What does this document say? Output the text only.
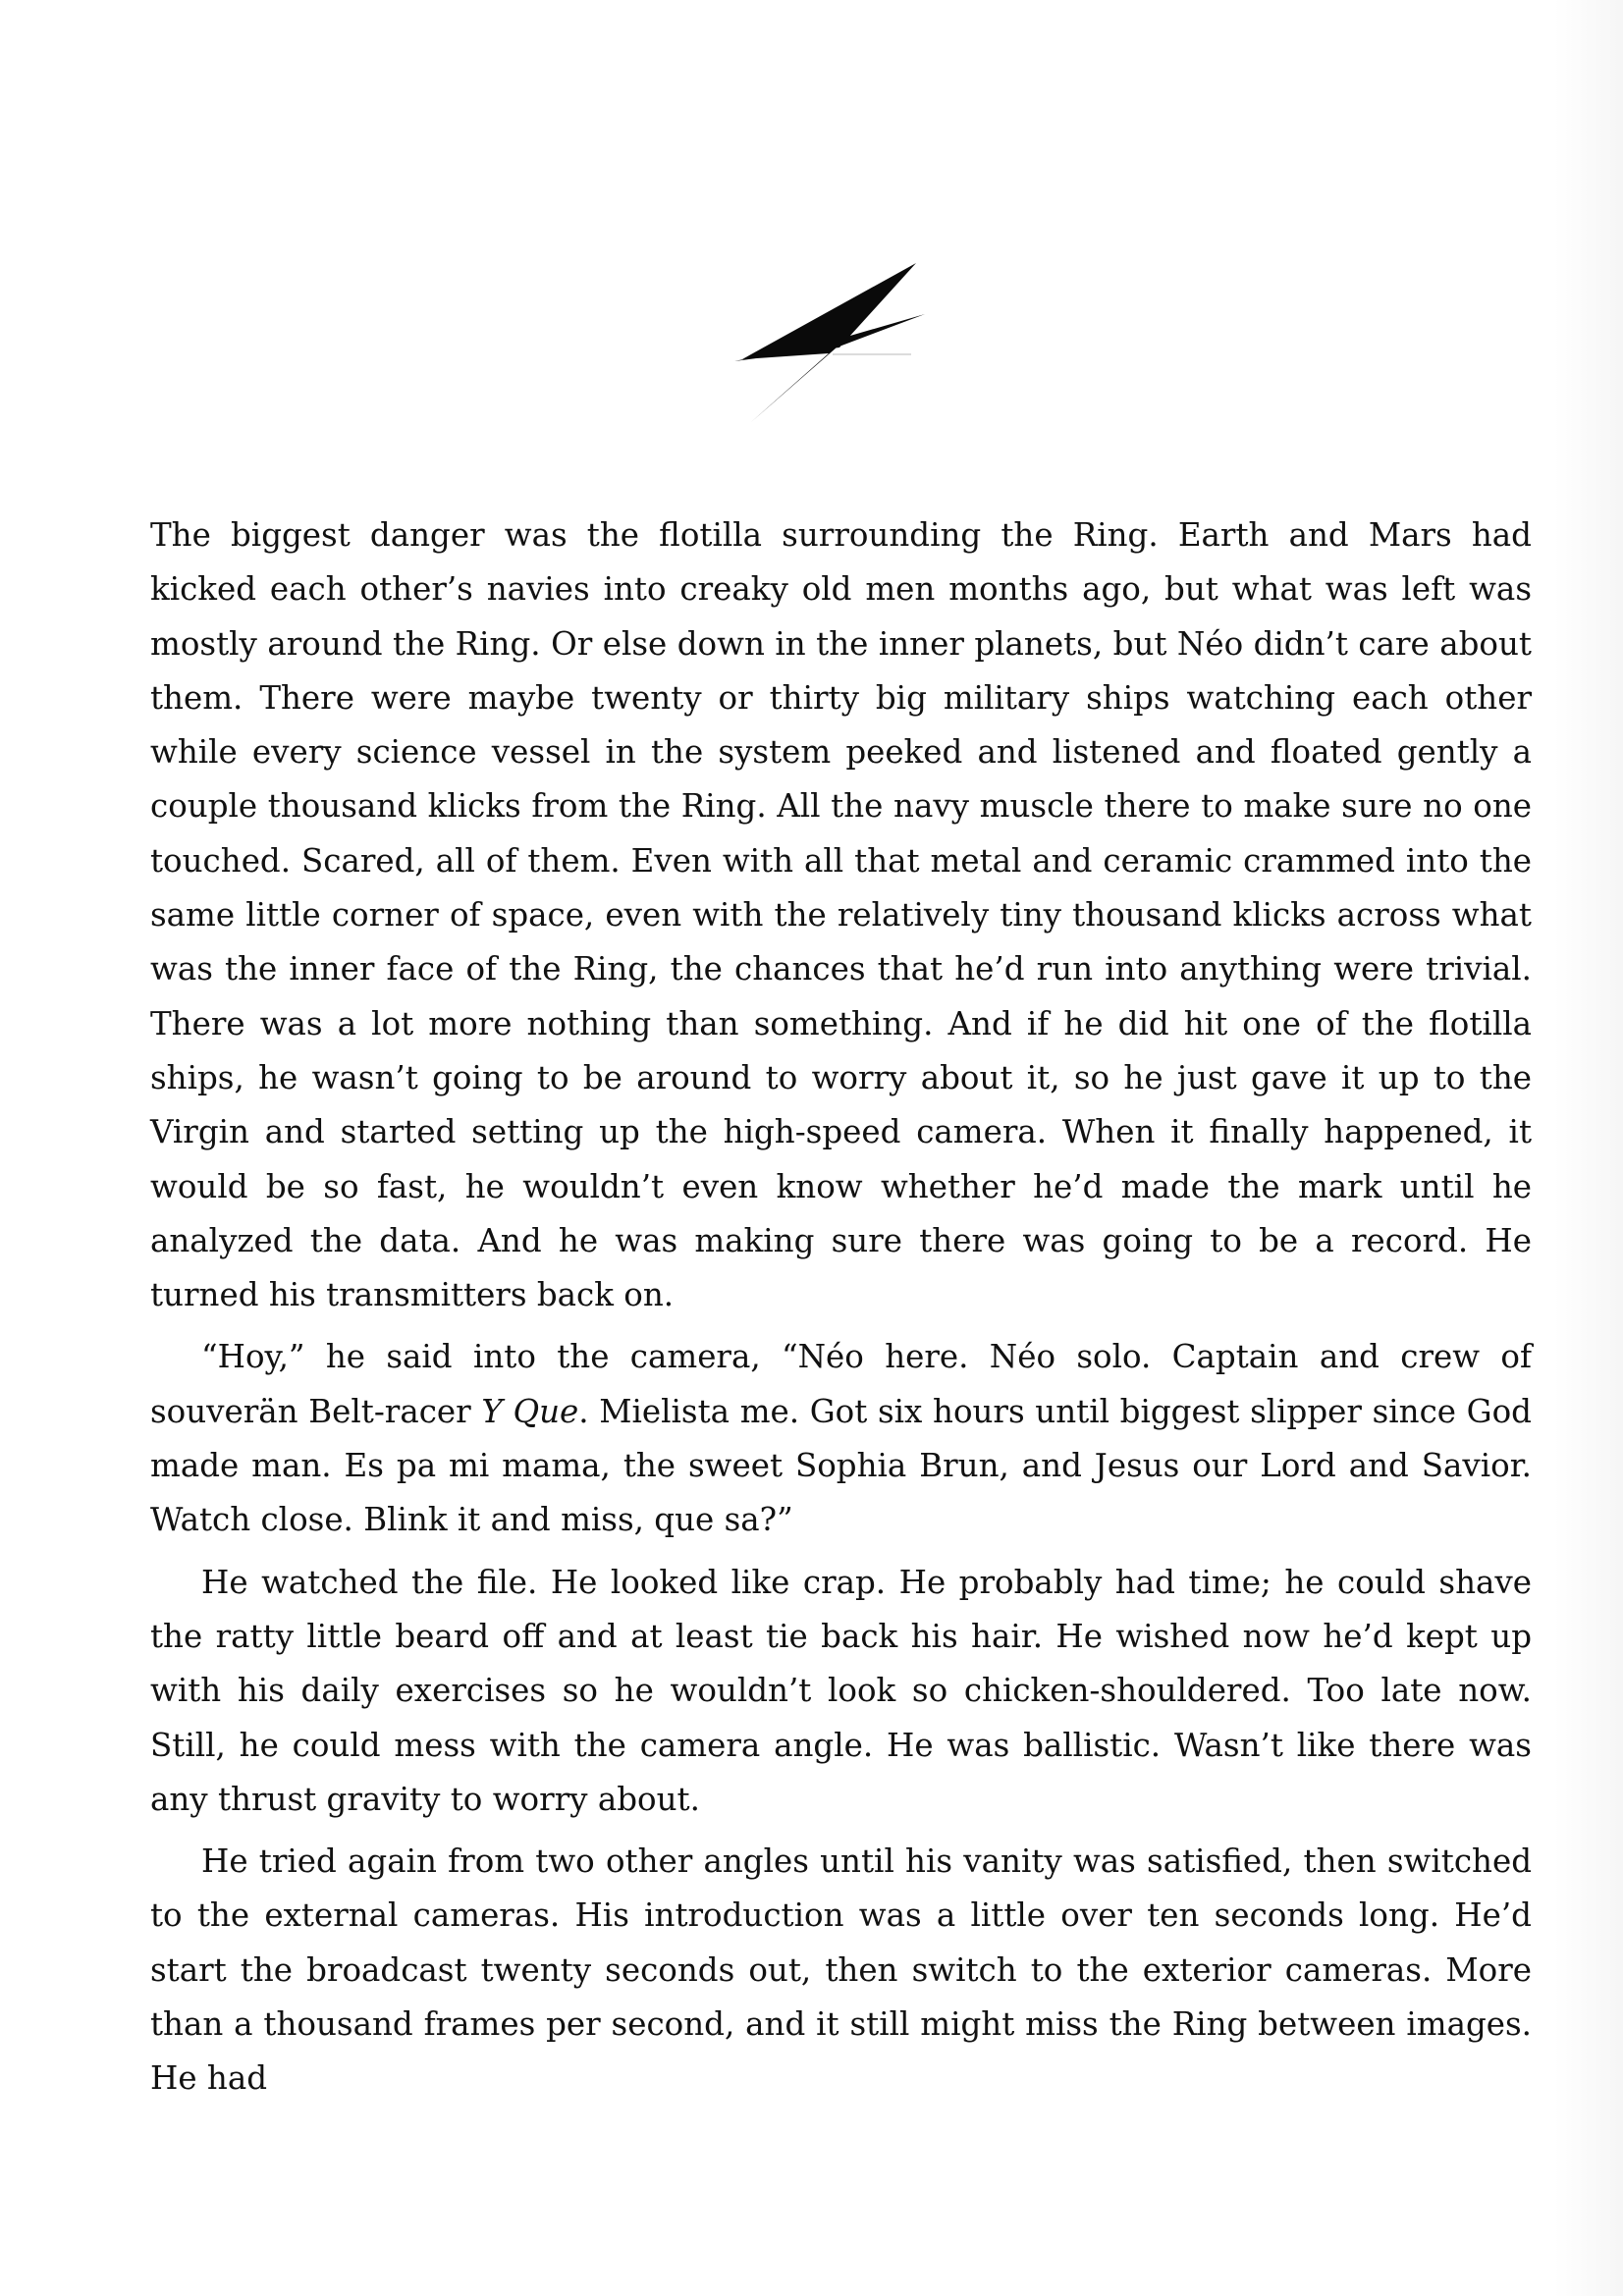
The biggest danger was the flotilla surrounding the Ring. Earth and Mars had kicked each other’s navies into creaky old men months ago, but what was left was mostly around the Ring. Or else down in the inner planets, but Néo didn’t care about them. There were maybe twenty or thirty big military ships watching each other while every science vessel in the system peeked and listened and floated gently a couple thousand klicks from the Ring. All the navy muscle there to make sure no one touched. Scared, all of them. Even with all that metal and ceramic crammed into the same little corner of space, even with the relatively tiny thousand klicks across what was the inner face of the Ring, the chances that he’d run into anything were trivial. There was a lot more nothing than something. And if he did hit one of the flotilla ships, he wasn’t going to be around to worry about it, so he just gave it up to the Virgin and started setting up the high-speed camera. When it finally happened, it would be so fast, he wouldn’t even know whether he’d made the mark until he analyzed the data. And he was making sure there was going to be a record. He turned his transmitters back on.

“Hoy,” he said into the camera, “Néo here. Néo solo. Captain and crew of souverän Belt-racer Y Que. Mielista me. Got six hours until biggest slipper since God made man. Es pa mi mama, the sweet Sophia Brun, and Jesus our Lord and Savior. Watch close. Blink it and miss, que sa?”

He watched the file. He looked like crap. He probably had time; he could shave the ratty little beard off and at least tie back his hair. He wished now he’d kept up with his daily exercises so he wouldn’t look so chicken-shouldered. Too late now. Still, he could mess with the camera angle. He was ballistic. Wasn’t like there was any thrust gravity to worry about.

He tried again from two other angles until his vanity was satisfied, then switched to the external cameras. His introduction was a little over ten seconds long. He’d start the broadcast twenty seconds out, then switch to the exterior cameras. More than a thousand frames per second, and it still might miss the Ring between images. He had
